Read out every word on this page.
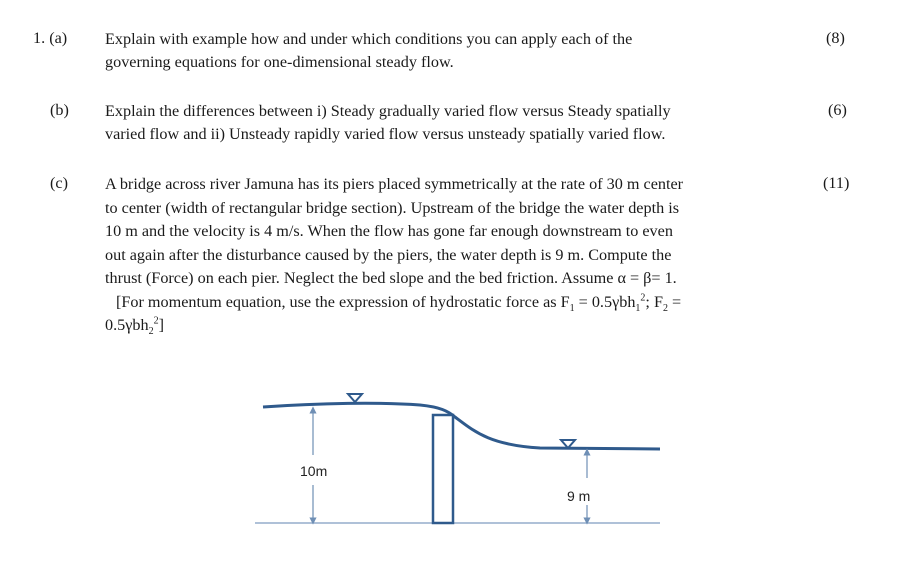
1. (a) Explain with example how and under which conditions you can apply each of the
governing equations for one-dimensional steady flow.
(8)
(b) Explain the differences between i) Steady gradually varied flow versus Steady spatially
varied flow and ii) Unsteady rapidly varied flow versus unsteady spatially varied flow.
(6)
(c) A bridge across river Jamuna has its piers placed symmetrically at the rate of 30 m center
to center (width of rectangular bridge section). Upstream of the bridge the water depth is
10 m and the velocity is 4 m/s. When the flow has gone far enough downstream to even
out again after the disturbance caused by the piers, the water depth is 9 m. Compute the
thrust (Force) on each pier. Neglect the bed slope and the bed friction. Assume α = β= 1.
[For momentum equation, use the expression of hydrostatic force as $F_1 = 0.5\gamma bh_1^2$; $F_2$ =
0.5γbh$_2^2$]
(11)
10m
9 m
